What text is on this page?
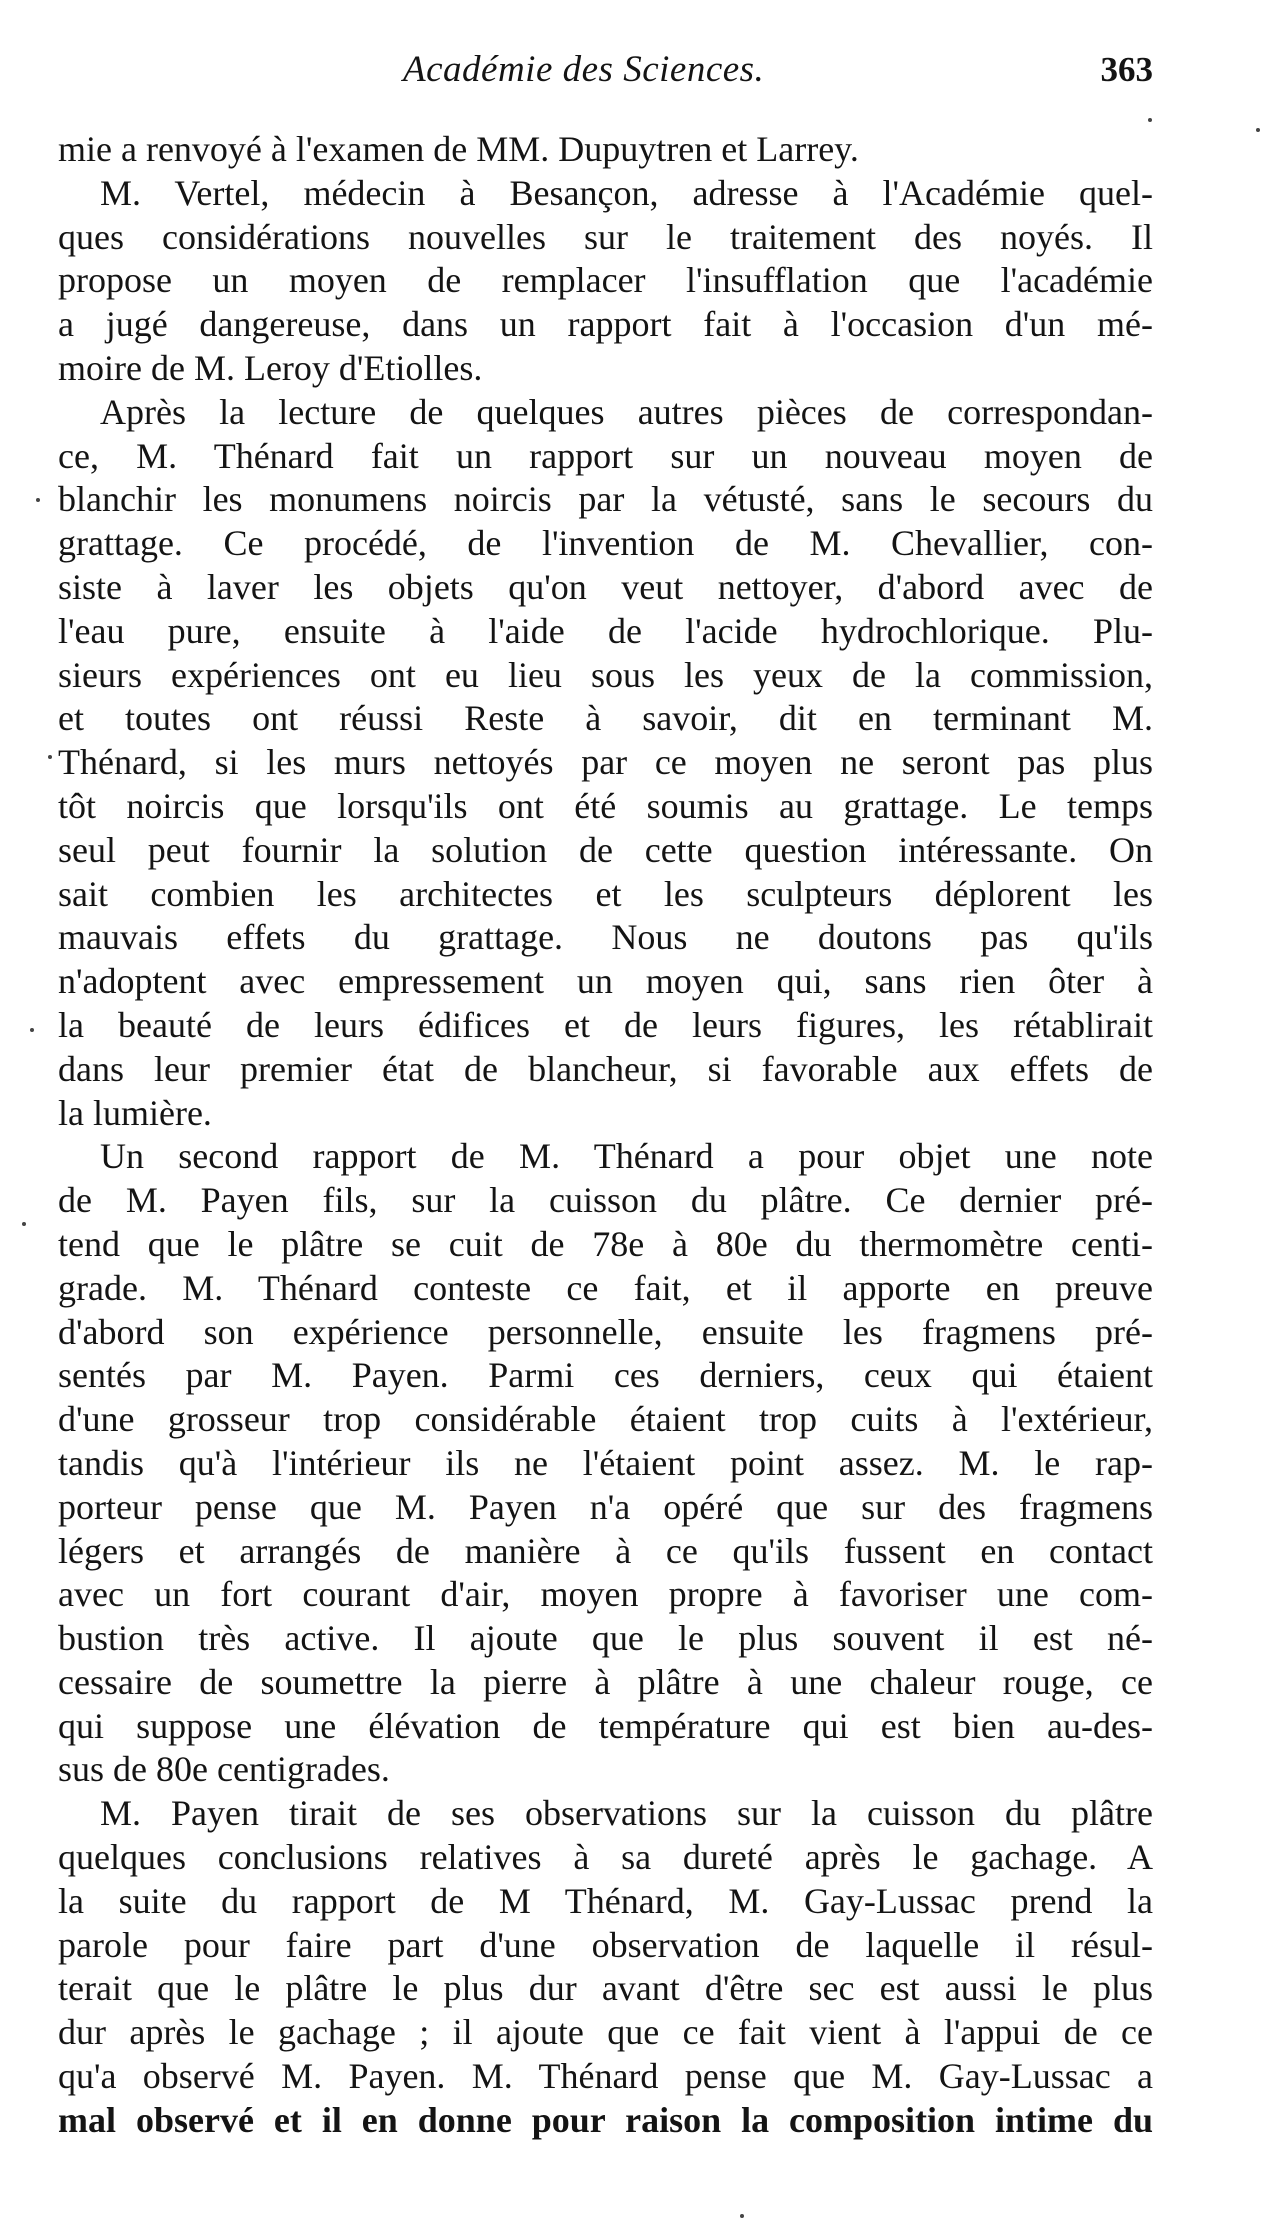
Académie des Sciences.	363
mie a renvoyé à l'examen de MM. Dupuytren et Larrey.
M. Vertel, médecin à Besançon, adresse à l'Académie quel-
ques considérations nouvelles sur le traitement des noyés. Il
propose un moyen de remplacer l'insufflation que l'académie
a jugé dangereuse, dans un rapport fait à l'occasion d'un mé-
moire de M. Leroy d'Etiolles.
Après la lecture de quelques autres pièces de correspondan-
ce, M. Thénard fait un rapport sur un nouveau moyen de
blanchir les monumens noircis par la vétusté, sans le secours du
grattage. Ce procédé, de l'invention de M. Chevallier, con-
siste à laver les objets qu'on veut nettoyer, d'abord avec de
l'eau pure, ensuite à l'aide de l'acide hydrochlorique. Plu-
sieurs expériences ont eu lieu sous les yeux de la commission,
et toutes ont réussi Reste à savoir, dit en terminant M.
Thénard, si les murs nettoyés par ce moyen ne seront pas plus
tôt noircis que lorsqu'ils ont été soumis au grattage. Le temps
seul peut fournir la solution de cette question intéressante. On
sait combien les architectes et les sculpteurs déplorent les
mauvais effets du grattage. Nous ne doutons pas qu'ils
n'adoptent avec empressement un moyen qui, sans rien ôter à
la beauté de leurs édifices et de leurs figures, les rétablirait
dans leur premier état de blancheur, si favorable aux effets de
la lumière.
Un second rapport de M. Thénard a pour objet une note
de M. Payen fils, sur la cuisson du plâtre. Ce dernier pré-
tend que le plâtre se cuit de 78e à 80e du thermomètre centi-
grade. M. Thénard conteste ce fait, et il apporte en preuve
d'abord son expérience personnelle, ensuite les fragmens pré-
sentés par M. Payen. Parmi ces derniers, ceux qui étaient
d'une grosseur trop considérable étaient trop cuits à l'extérieur,
tandis qu'à l'intérieur ils ne l'étaient point assez. M. le rap-
porteur pense que M. Payen n'a opéré que sur des fragmens
légers et arrangés de manière à ce qu'ils fussent en contact
avec un fort courant d'air, moyen propre à favoriser une com-
bustion très active. Il ajoute que le plus souvent il est né-
cessaire de soumettre la pierre à plâtre à une chaleur rouge, ce
qui suppose une élévation de température qui est bien au-des-
sus de 80e centigrades.
M. Payen tirait de ses observations sur la cuisson du plâtre
quelques conclusions relatives à sa dureté après le gachage. A
la suite du rapport de M Thénard, M. Gay-Lussac prend la
parole pour faire part d'une observation de laquelle il résul-
terait que le plâtre le plus dur avant d'être sec est aussi le plus
dur après le gachage ; il ajoute que ce fait vient à l'appui de ce
qu'a observé M. Payen. M. Thénard pense que M. Gay-Lussac a
mal observé et il en donne pour raison la composition intime du
